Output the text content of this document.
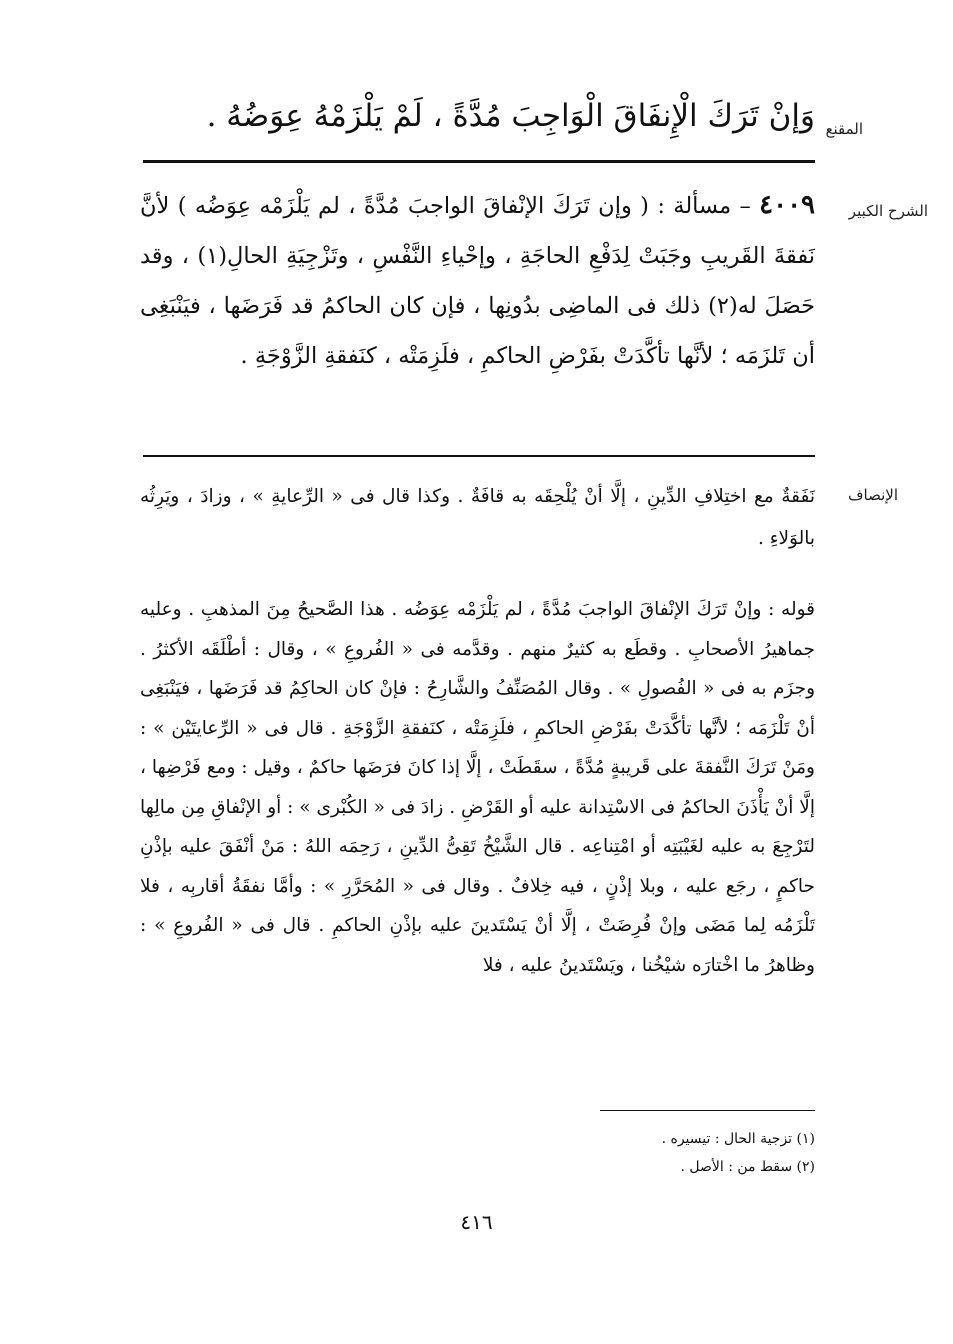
المقنع
وَإنْ تَرَكَ الْإِنفَاقَ الْوَاجِبَ مُدَّةً ، لَمْ يَلْزَمْهُ عِوَضُهُ .
الشرح الكبير

٤٠٠٩ – مسألة : ( وإن تَرَكَ الإنْفاقَ الواجبَ مُدَّةً ، لم يَلْزَمْه عِوَضُه ) لأنَّ نَفقةَ القَريبِ وجَبَتْ لِدَفْعِ الحاجَةِ ، وإحْياءِ النَّفْسِ ، وتَزْجِيَةِ الحالِ(١) ، وقد حَصَلَ له(٢) ذلك فى الماضِى بدُونِها ، فإن كان الحاكمُ قد فَرَضَها ، فيَنْبَغِى أن تَلزَمَه ؛ لأنَّها تأكَّدَتْ بفَرْضِ الحاكمِ ، فلَزِمَتْه ، كنَفقةِ الزَّوْجَةِ .

الإنصاف
نَفَقةٌ مع اختِلافِ الدِّينِ ، إلَّا أنْ يُلْحِقَه به قافَةٌ . وكذا قال فى « الرِّعايةِ » ، وزادَ ، ويَرِثُه بالوَلاءِ .
قوله : وإنْ تَرَكَ الإنْفاقَ الواجبَ مُدَّةً ، لم يَلْزَمْه عِوَضُه . هذا الصَّحيحُ مِنَ المذهبِ . وعليه جماهيرُ الأصحابِ . وقطَع به كثيرٌ منهم . وقدَّمه فى « الفُروعِ » ، وقال : أطْلَقَه الأكثرُ . وجزَم به فى « الفُصولِ » . وقال المُصَنِّفُ والشَّارِحُ : فإنْ كان الحاكِمُ قد فَرَضَها ، فيَنْبَغِى أنْ تَلْزَمَه ؛ لأنَّها تأكَّدَتْ بفَرْضِ الحاكمِ ، فلَزِمَتْه ، كنَفقةِ الزَّوْجَةِ . قال فى « الرِّعايتَيْن » : ومَنْ تَرَكَ النَّفقةَ على قَريبةٍ مُدَّةً ، سقَطَتْ ، إلَّا إذا كانَ فرَضَها حاكمٌ ، وقيل : ومع فَرْضِها ، إلَّا أنْ يَأْذَنَ الحاكمُ فى الاسْتِدانة عليه أو القَرْضِ . زادَ فى « الكُبْرى » : أو الإنْفاقِ مِن مالِها لتَرْجِعَ به عليه لغَيْبَتِه أو امْتِناعِه . قال الشَّيْخُ تَقِىُّ الدِّينِ ، رَحِمَه اللهُ : مَنْ أنْفَقَ عليه بإذْنِ حاكمٍ ، رجَع عليه ، وبلا إذْنٍ ، فيه خِلافٌ . وقال فى « المُحَرَّرِ » : وأمَّا نفقَةُ أقاربِه ، فلا تَلْزَمُه لِما مَضَى وإنْ فُرِضَتْ ، إلَّا أنْ يَسْتَدينَ عليه بإذْنِ الحاكمِ . قال فى « الفُروعِ » : وظاهرُ ما اخْتارَه شيْخُنا ، ويَسْتَدينُ عليه ، فلا
(١) تزجية الحال : تيسيره .
(٢) سقط من : الأصل .
٤١٦
